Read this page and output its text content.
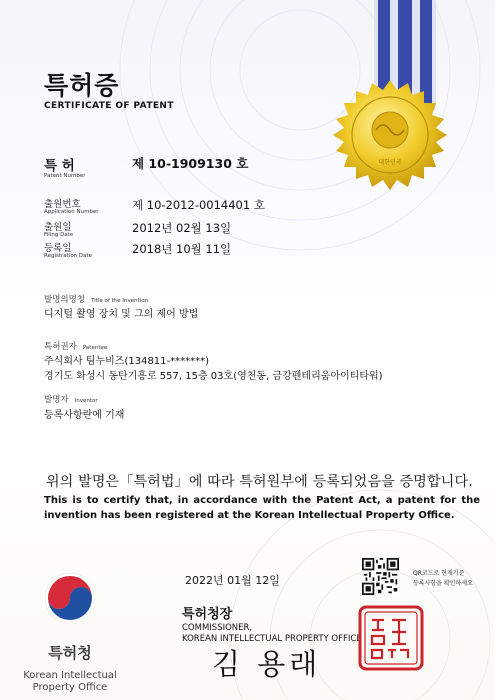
대한민국
특허증
CERTIFICATE OF PATENT
특 허
Patent Number
제 10-1909130 호
출원번호
Application Number	제 10-2012-0014401 호
출원일
Filing Date	2012년 02월 13일
등록일
Registration Date	2018년 10월 11일
발명의명칭 Title of the Invention
디지털 촬영 장치 및 그의 제어 방법
특허권자 Patentee
주식회사 팀누비즈(134811-*******)
경기도 화성시 동탄기흥로 557, 15층 03호(영천동, 금강펜테리움아이티타워)
발명자 Inventor
등록사항란에 기재
위의 발명은「특허법」에 따라 특허원부에 등록되었음을 증명합니다.
This is to certify that, in accordance with the Patent Act, a patent for the invention has been registered at the Korean Intellectual Property Office.
2022년 01월 12일
QR코드로 현재기준
등록사항을 확인하세요
특허청장
COMMISSIONER,
KOREAN INTELLECTUAL PROPERTY OFFICE
김 용래
특허청
Korean Intellectual
Property Office
